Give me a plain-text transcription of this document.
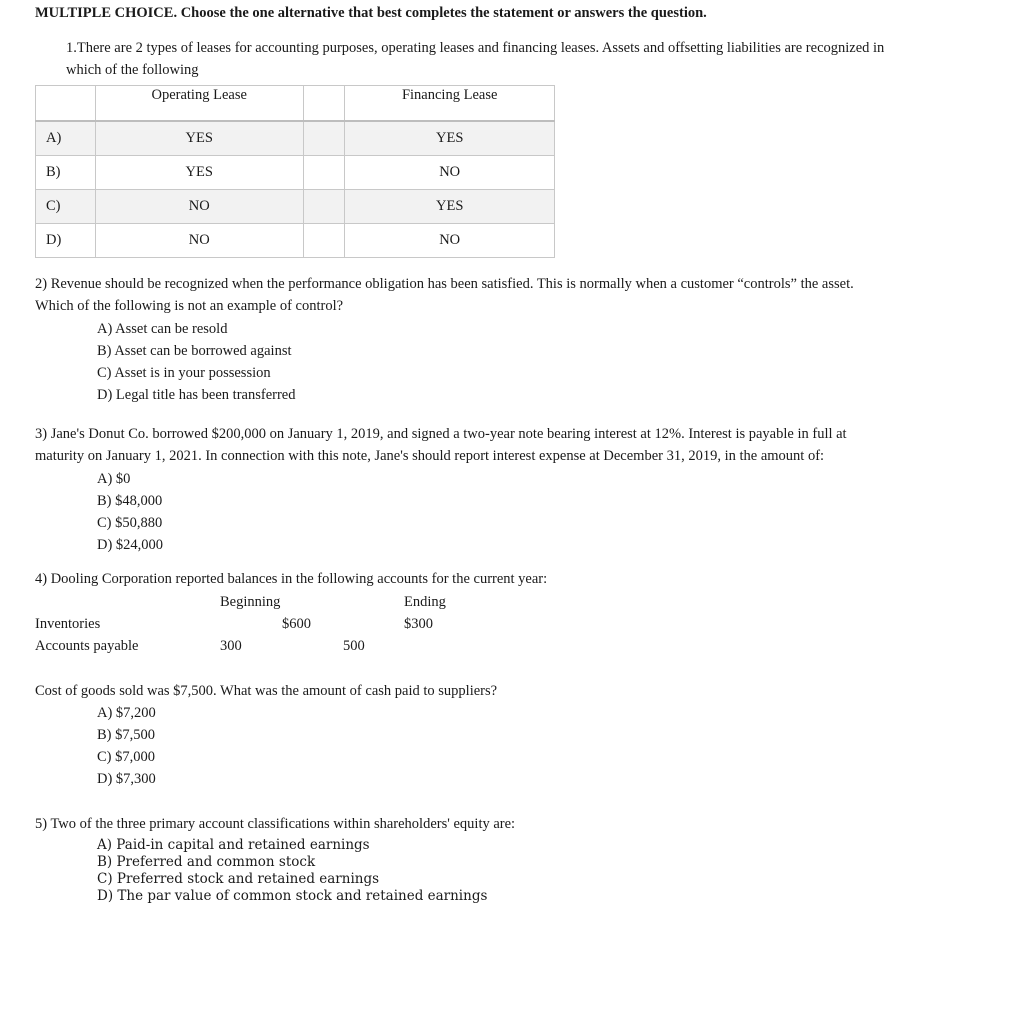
MULTIPLE CHOICE. Choose the one alternative that best completes the statement or answers the question.
1.There are 2 types of leases for accounting purposes, operating leases and financing leases. Assets and offsetting liabilities are recognized in
which of the following
	Operating Lease		Financing Lease
A)	YES		YES
B)	YES		NO
C)	NO		YES
D)	NO		NO
2) Revenue should be recognized when the performance obligation has been satisfied. This is normally when a customer “controls” the asset.
Which of the following is not an example of control?
A) Asset can be resold
B) Asset can be borrowed against
C) Asset is in your possession
D) Legal title has been transferred
3) Jane's Donut Co. borrowed $200,000 on January 1, 2019, and signed a two-year note bearing interest at 12%. Interest is payable in full at
maturity on January 1, 2021. In connection with this note, Jane's should report interest expense at December 31, 2019, in the amount of:
A) $0
B) $48,000
C) $50,880
D) $24,000
4) Dooling Corporation reported balances in the following accounts for the current year:
Beginning	Ending
Inventories	$600	$300
Accounts payable	300	500
Cost of goods sold was $7,500. What was the amount of cash paid to suppliers?
A) $7,200
B) $7,500
C) $7,000
D) $7,300
5) Two of the three primary account classifications within shareholders' equity are:
A) Paid-in capital and retained earnings
B) Preferred and common stock
C) Preferred stock and retained earnings
D) The par value of common stock and retained earnings
